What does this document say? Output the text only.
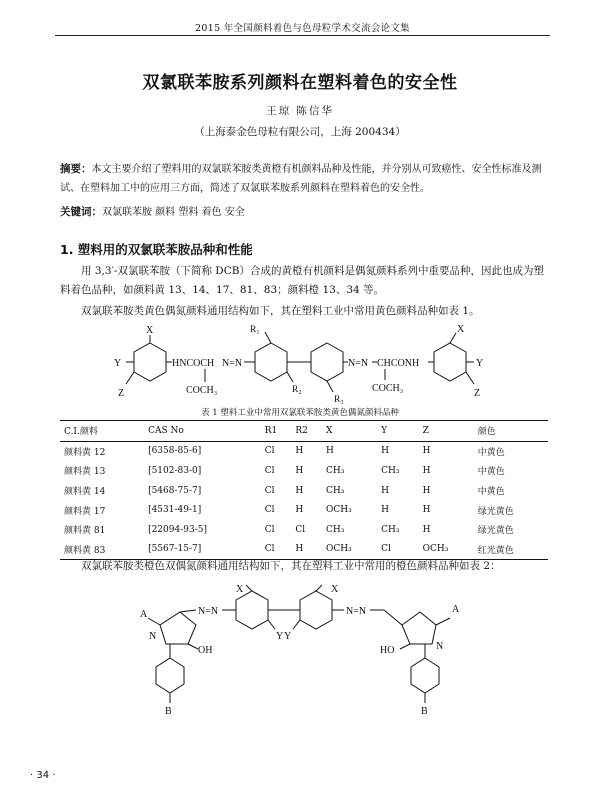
2015 年全国颜料着色与色母粒学术交流会论文集
双氯联苯胺系列颜料在塑料着色的安全性
王琼 陈信华
（上海泰金色母粒有限公司，上海 200434）
摘要：本文主要介绍了塑料用的双氯联苯胺类黄橙有机颜料品种及性能，并分别从可致癌性、安全性标准及测试、在塑料加工中的应用三方面，简述了双氯联苯胺系列颜料在塑料着色的安全性。
关键词：双氯联苯胺 颜料 塑料 着色 安全
1. 塑料用的双氯联苯胺品种和性能
用 3,3′-双氯联苯胺（下简称 DCB）合成的黄橙有机颜料是偶氮颜料系列中重要品种，因此也成为塑料着色品种，如颜料黄 13、14、17、81、83；颜料橙 13、34 等。
双氯联苯胺类黄色偶氮颜料通用结构如下，其在塑料工业中常用黄色颜料品种如表 1。
X
Y
Z
HNCOCH N=N
COCH₃
R₁
R₂
R₃
N=N CHCONH
COCH₃
X
Y
Z
表 1 塑料工业中常用双氯联苯胺类黄色偶氮颜料品种
C.I.颜料	CAS No	R1	R2	X	Y	Z	颜色
颜料黄 12	[6358-85-6]	Cl	H	H	H	H	中黄色
颜料黄 13	[5102-83-0]	Cl	H	CH₃	CH₃	H	中黄色
颜料黄 14	[5468-75-7]	Cl	H	CH₃	H	H	中黄色
颜料黄 17	[4531-49-1]	Cl	H	OCH₃	H	H	绿光黄色
颜料黄 81	[22094-93-5]	Cl	Cl	CH₃	CH₃	H	绿光黄色
颜料黄 83	[5567-15-7]	Cl	H	OCH₃	Cl	OCH₃	红光黄色
双氯联苯胺类橙色双偶氮颜料通用结构如下，其在塑料工业中常用的橙色颜料品种如表 2：
A
N
OH
B
N=N
X
Y
X
Y
N=N	A
N
HO
B
· 34 ·
